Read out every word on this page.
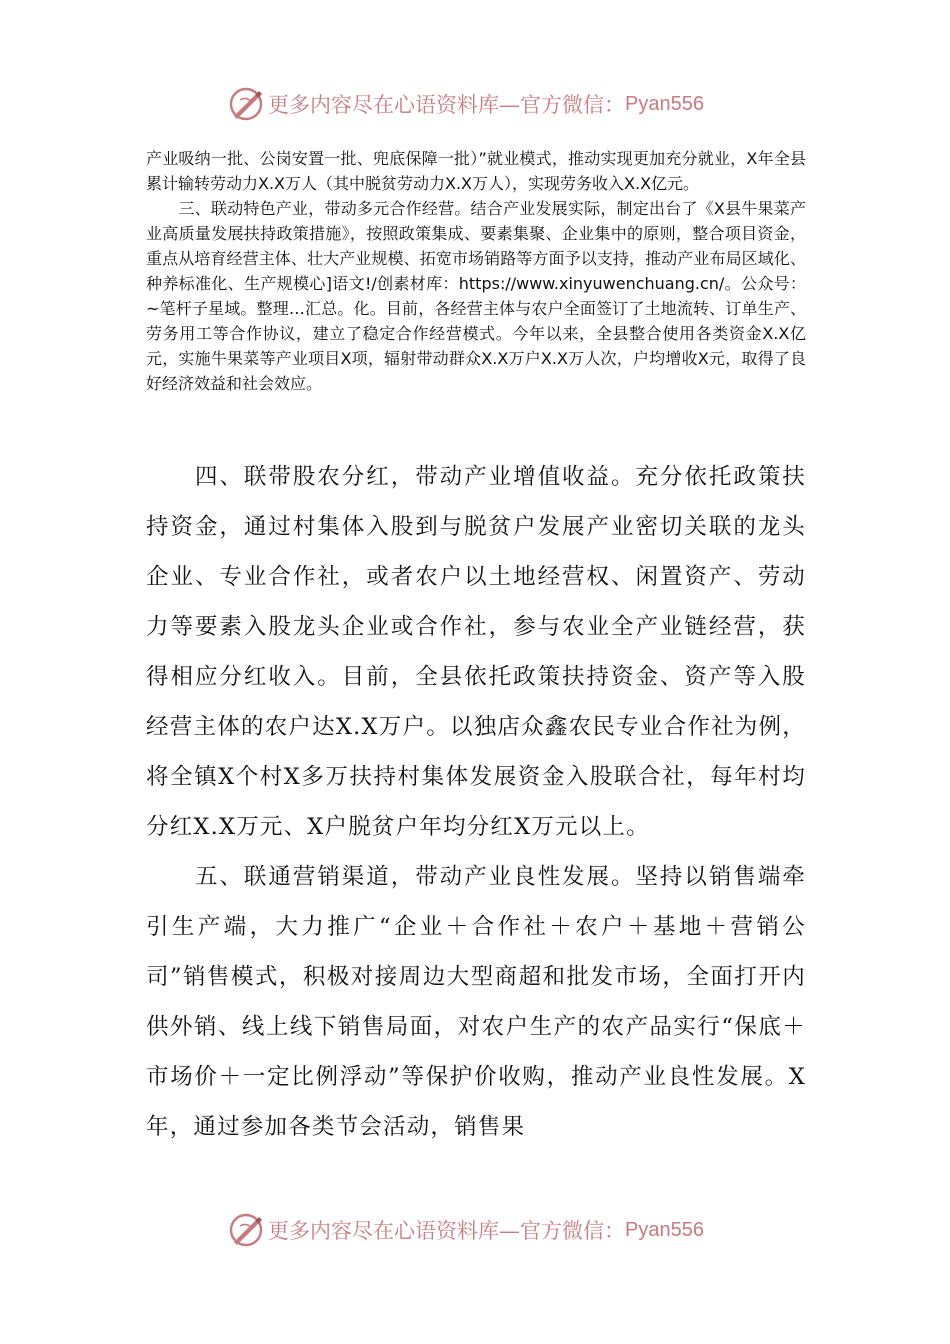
更多内容尽在心语资料库—官方微信： Pyan556

产业吸纳一批、公岗安置一批、兜底保障一批）”就业模式，推动实现更加充分就业，X年全县累计输转劳动力X.X万人（其中脱贫劳动力X.X万人），实现劳务收入X.X亿元。

　　三、联动特色产业，带动多元合作经营。结合产业发展实际，制定出台了《X县牛果菜产业高质量发展扶持政策措施》，按照政策集成、要素集聚、企业集中的原则，整合项目资金，重点从培育经营主体、壮大产业规模、拓宽市场销路等方面予以支持，推动产业布局区域化、种养标准化、生产规模心]语文!/创素材库：https://www.xinyuwenchuang.cn/。公众号：~笔杆子星域。整理…汇总。化。目前，各经营主体与农户全面签订了土地流转、订单生产、劳务用工等合作协议，建立了稳定合作经营模式。今年以来，全县整合使用各类资金X.X亿元，实施牛果菜等产业项目X项，辐射带动群众X.X万户X.X万人次，户均增收X元，取得了良好经济效益和社会效应。

　　四、联带股农分红，带动产业增值收益。充分依托政策扶持资金，通过村集体入股到与脱贫户发展产业密切关联的龙头企业、专业合作社，或者农户以土地经营权、闲置资产、劳动力等要素入股龙头企业或合作社，参与农业全产业链经营，获得相应分红收入。目前，全县依托政策扶持资金、资产等入股经营主体的农户达X.X万户。以独店众鑫农民专业合作社为例，将全镇X个村X多万扶持村集体发展资金入股联合社，每年村均分红X.X万元、X户脱贫户年均分红X万元以上。

　　五、联通营销渠道，带动产业良性发展。坚持以销售端牵引生产端，大力推广“企业＋合作社＋农户＋基地＋营销公司”销售模式，积极对接周边大型商超和批发市场，全面打开内供外销、线上线下销售局面，对农户生产的农产品实行“保底＋市场价＋一定比例浮动”等保护价收购，推动产业良性发展。X年，通过参加各类节会活动，销售果

更多内容尽在心语资料库—官方微信： Pyan556
